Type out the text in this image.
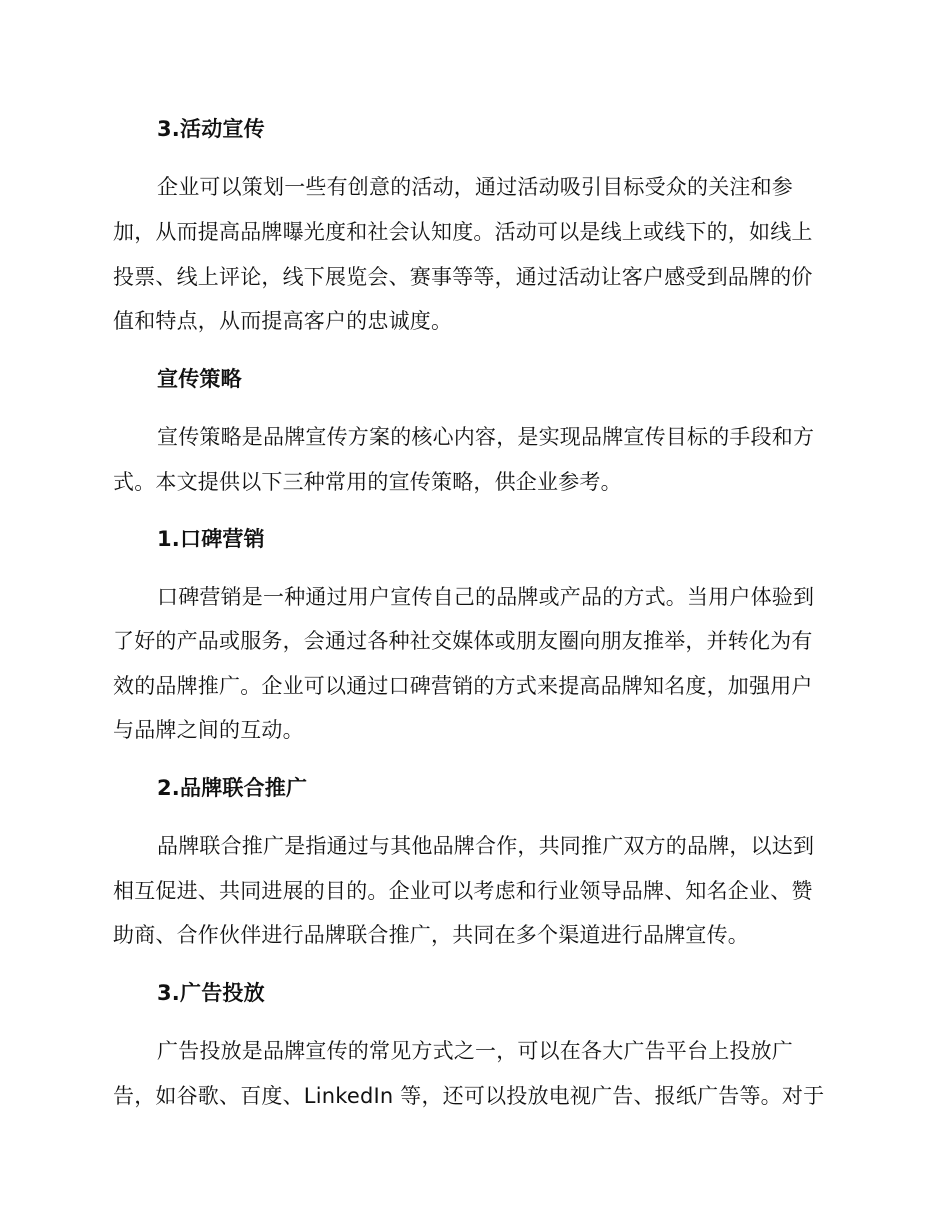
3.活动宣传
企业可以策划一些有创意的活动，通过活动吸引目标受众的关注和参
加，从而提高品牌曝光度和社会认知度。活动可以是线上或线下的，如线上
投票、线上评论，线下展览会、赛事等等，通过活动让客户感受到品牌的价
值和特点，从而提高客户的忠诚度。
宣传策略
宣传策略是品牌宣传方案的核心内容，是实现品牌宣传目标的手段和方
式。本文提供以下三种常用的宣传策略，供企业参考。
1.口碑营销
口碑营销是一种通过用户宣传自己的品牌或产品的方式。当用户体验到
了好的产品或服务，会通过各种社交媒体或朋友圈向朋友推举，并转化为有
效的品牌推广。企业可以通过口碑营销的方式来提高品牌知名度，加强用户
与品牌之间的互动。
2.品牌联合推广
品牌联合推广是指通过与其他品牌合作，共同推广双方的品牌，以达到
相互促进、共同进展的目的。企业可以考虑和行业领导品牌、知名企业、赞
助商、合作伙伴进行品牌联合推广，共同在多个渠道进行品牌宣传。
3.广告投放
广告投放是品牌宣传的常见方式之一，可以在各大广告平台上投放广
告，如谷歌、百度、LinkedIn 等，还可以投放电视广告、报纸广告等。对于
